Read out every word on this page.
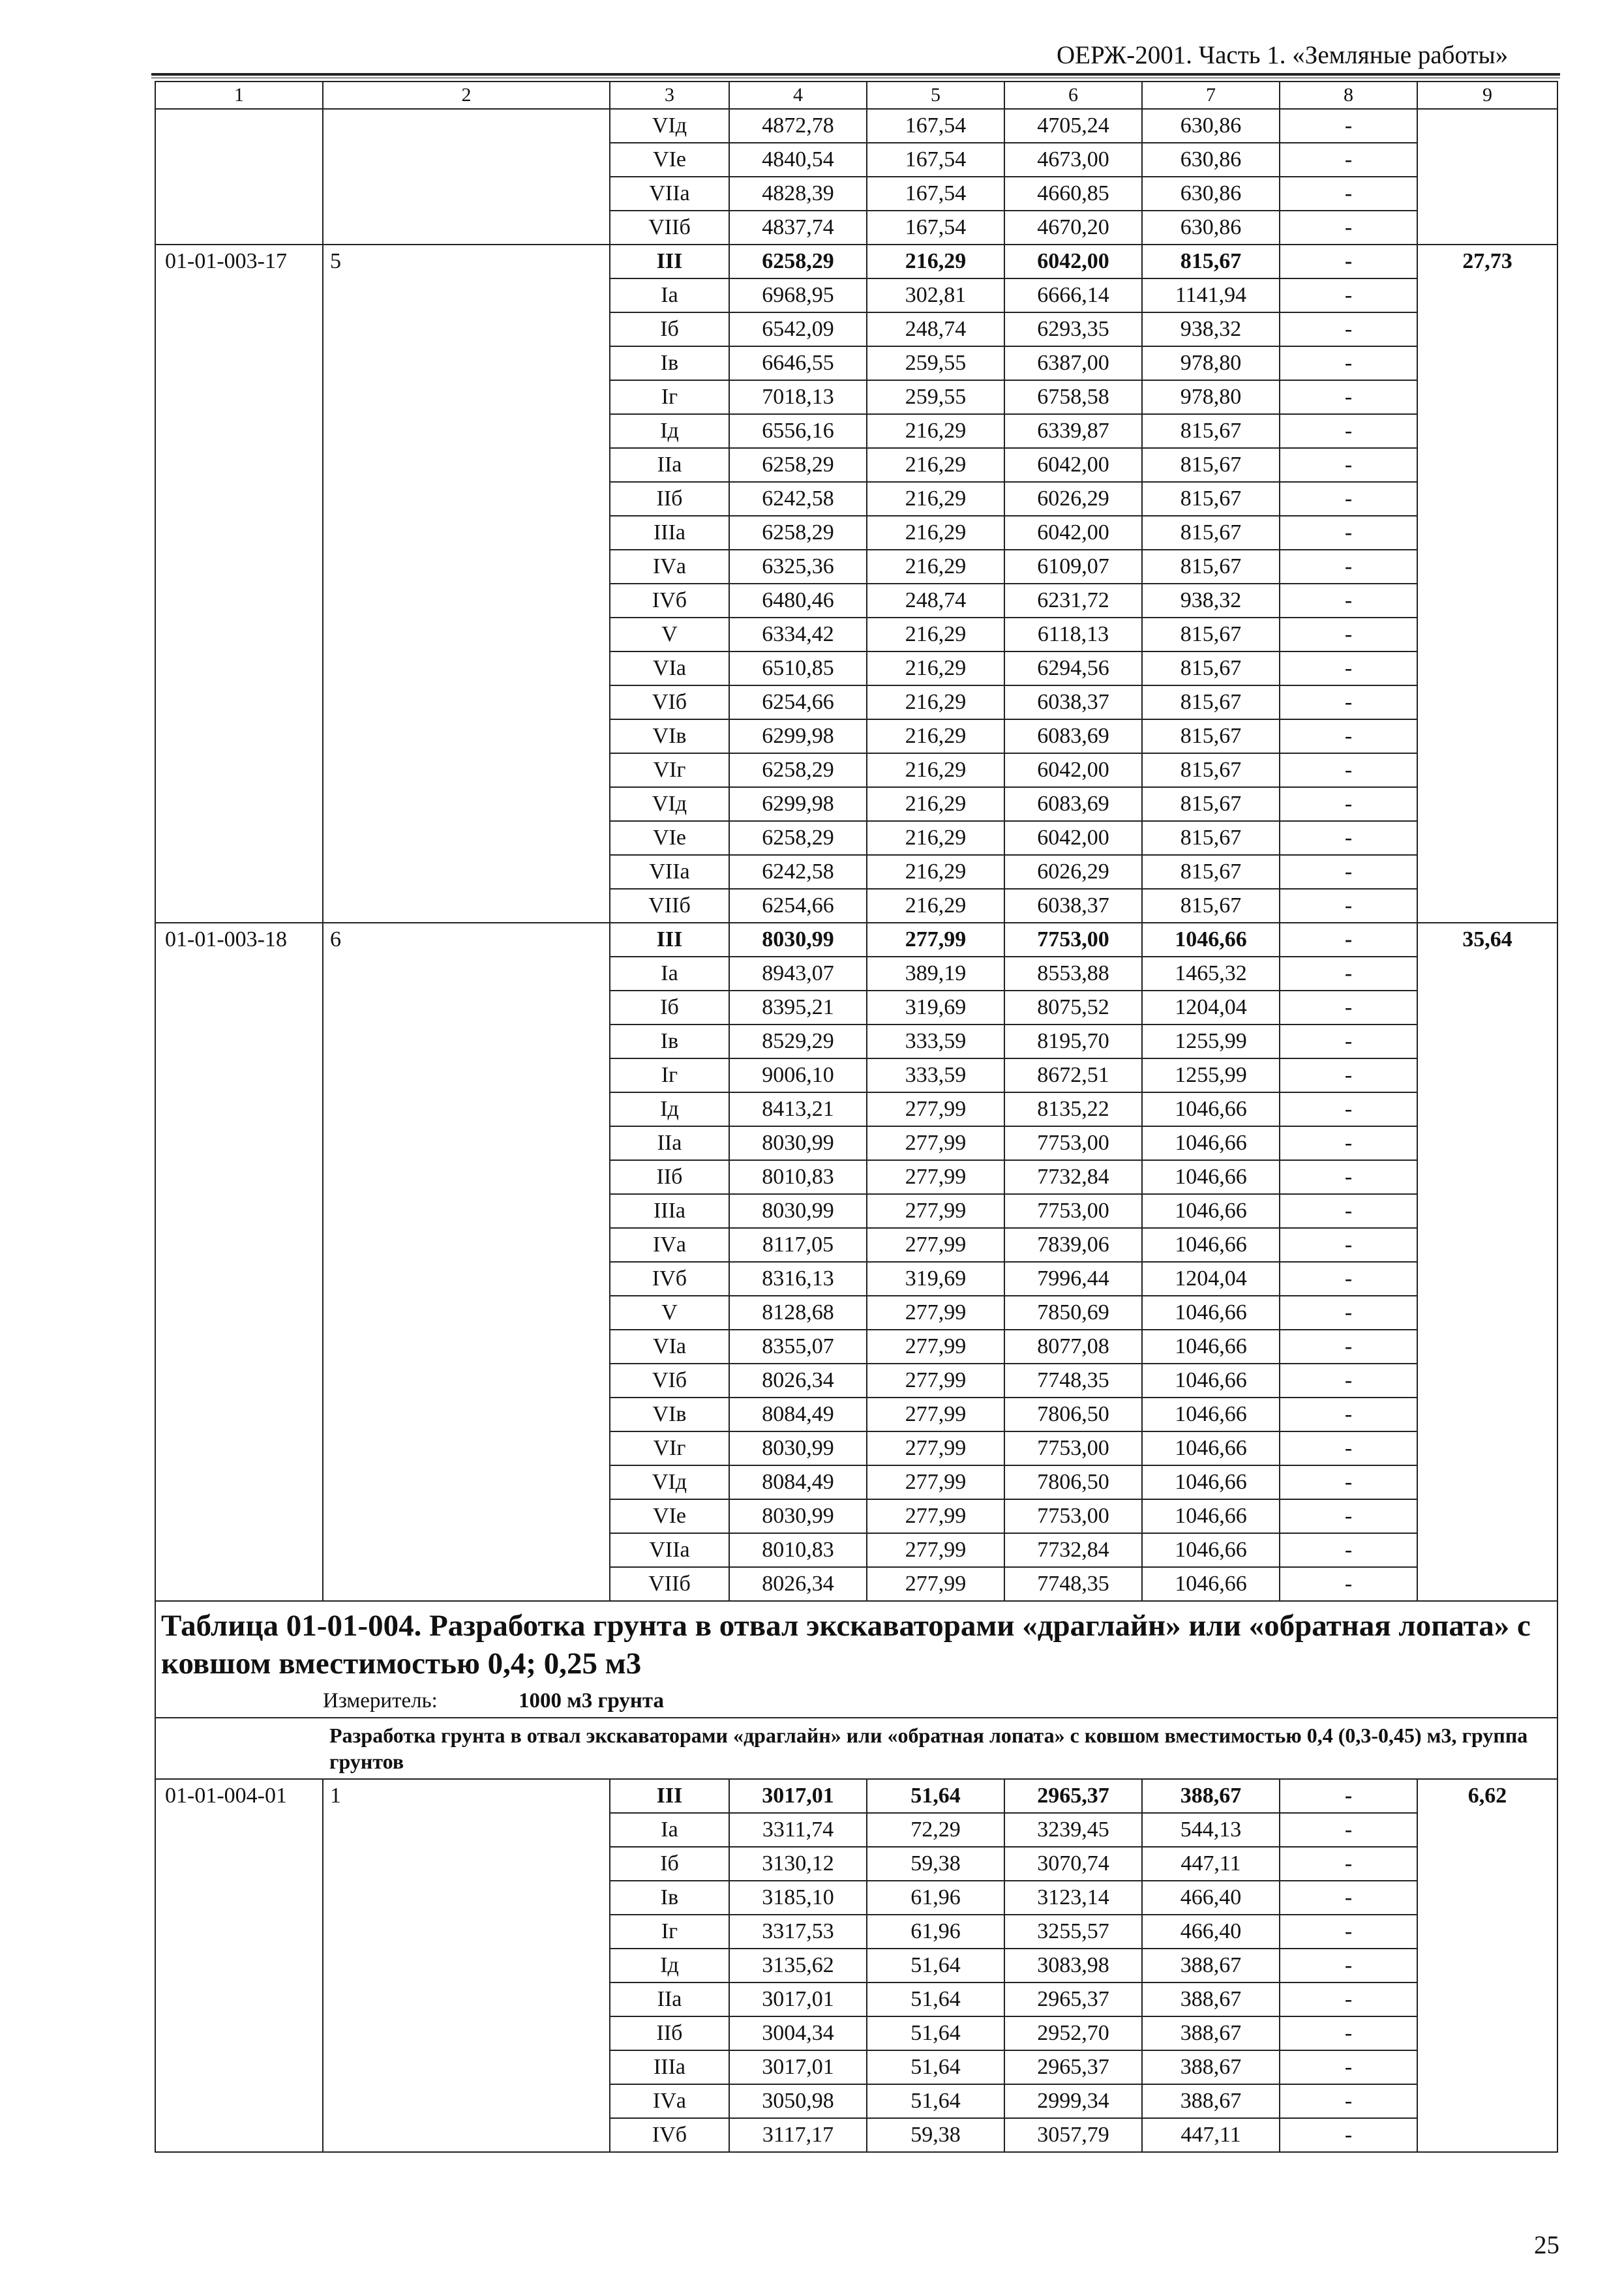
ОЕРЖ-2001. Часть 1. «Земляные работы»
1	2	3	4	5	6	7	8	9
		VIд	4872,78	167,54	4705,24	630,86	-	
		VIе	4840,54	167,54	4673,00	630,86	-	
		VIIа	4828,39	167,54	4660,85	630,86	-	
		VIIб	4837,74	167,54	4670,20	630,86	-	
01-01-003-17	5	III	6258,29	216,29	6042,00	815,67	-	27,73
		Iа	6968,95	302,81	6666,14	1141,94	-	
		Iб	6542,09	248,74	6293,35	938,32	-	
		Iв	6646,55	259,55	6387,00	978,80	-	
		Iг	7018,13	259,55	6758,58	978,80	-	
		Iд	6556,16	216,29	6339,87	815,67	-	
		IIа	6258,29	216,29	6042,00	815,67	-	
		IIб	6242,58	216,29	6026,29	815,67	-	
		IIIа	6258,29	216,29	6042,00	815,67	-	
		IVа	6325,36	216,29	6109,07	815,67	-	
		IVб	6480,46	248,74	6231,72	938,32	-	
		V	6334,42	216,29	6118,13	815,67	-	
		VIа	6510,85	216,29	6294,56	815,67	-	
		VIб	6254,66	216,29	6038,37	815,67	-	
		VIв	6299,98	216,29	6083,69	815,67	-	
		VIг	6258,29	216,29	6042,00	815,67	-	
		VIд	6299,98	216,29	6083,69	815,67	-	
		VIе	6258,29	216,29	6042,00	815,67	-	
		VIIа	6242,58	216,29	6026,29	815,67	-	
		VIIб	6254,66	216,29	6038,37	815,67	-	
01-01-003-18	6	III	8030,99	277,99	7753,00	1046,66	-	35,64
		Iа	8943,07	389,19	8553,88	1465,32	-	
		Iб	8395,21	319,69	8075,52	1204,04	-	
		Iв	8529,29	333,59	8195,70	1255,99	-	
		Iг	9006,10	333,59	8672,51	1255,99	-	
		Iд	8413,21	277,99	8135,22	1046,66	-	
		IIа	8030,99	277,99	7753,00	1046,66	-	
		IIб	8010,83	277,99	7732,84	1046,66	-	
		IIIа	8030,99	277,99	7753,00	1046,66	-	
		IVа	8117,05	277,99	7839,06	1046,66	-	
		IVб	8316,13	319,69	7996,44	1204,04	-	
		V	8128,68	277,99	7850,69	1046,66	-	
		VIа	8355,07	277,99	8077,08	1046,66	-	
		VIб	8026,34	277,99	7748,35	1046,66	-	
		VIв	8084,49	277,99	7806,50	1046,66	-	
		VIг	8030,99	277,99	7753,00	1046,66	-	
		VIд	8084,49	277,99	7806,50	1046,66	-	
		VIе	8030,99	277,99	7753,00	1046,66	-	
		VIIа	8010,83	277,99	7732,84	1046,66	-	
		VIIб	8026,34	277,99	7748,35	1046,66	-	

Таблица 01-01-004. Разработка грунта в отвал экскаваторами «драглайн» или «обратная лопата» с ковшом вместимостью 0,4; 0,25 м3
Измеритель: 1000 м3 грунта								

	Разработка грунта в отвал экскаваторами «драглайн» или «обратная лопата» с ковшом вместимостью 0,4 (0,3-0,45) м3, группа грунтов							
01-01-004-01	1	III	3017,01	51,64	2965,37	388,67	-	6,62
		Iа	3311,74	72,29	3239,45	544,13	-	
		Iб	3130,12	59,38	3070,74	447,11	-	
		Iв	3185,10	61,96	3123,14	466,40	-	
		Iг	3317,53	61,96	3255,57	466,40	-	
		Iд	3135,62	51,64	3083,98	388,67	-	
		IIа	3017,01	51,64	2965,37	388,67	-	
		IIб	3004,34	51,64	2952,70	388,67	-	
		IIIа	3017,01	51,64	2965,37	388,67	-	
		IVа	3050,98	51,64	2999,34	388,67	-	
		IVб	3117,17	59,38	3057,79	447,11	-	
25
